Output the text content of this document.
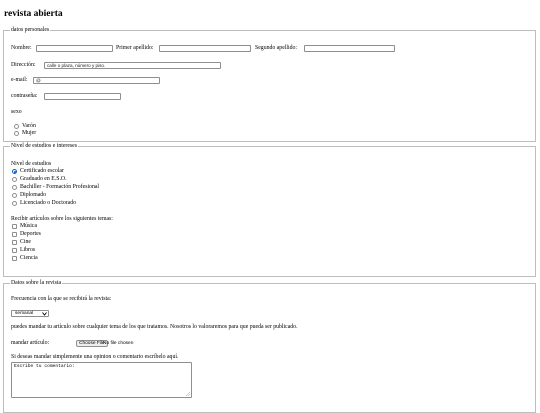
revista abierta
datos personales
Nombre:	Primer apellido:	Segundo apellido:
Dirección:	calle o plaza, número y piso.
e-mail:	@
contraseña:
sexo
Varón
Mujer
Nivel de estudios e intereses
Nivel de estudios
Certificado escolar
Graduado en E.S.O.
Bachiller - Formación Profesional
Diplomado
Licenciado o Doctorado
Recibir artículos sobre los siguientes temas:
Música
Deportes
Cine
Libros
Ciencia
Datos sobre la revista
Frecuencia con la que se recibirá la revista:
semanal
puedes mandar tu artículo sobre cualquier tema de los que tratamos. Nosotros lo valoraremos para que pueda ser publicado.
mandar artículo:	Choose File
No file chosen
Si deseas mandar simplemente una opinion o comentario escríbelo aquí.
Escribe tu comentario:
